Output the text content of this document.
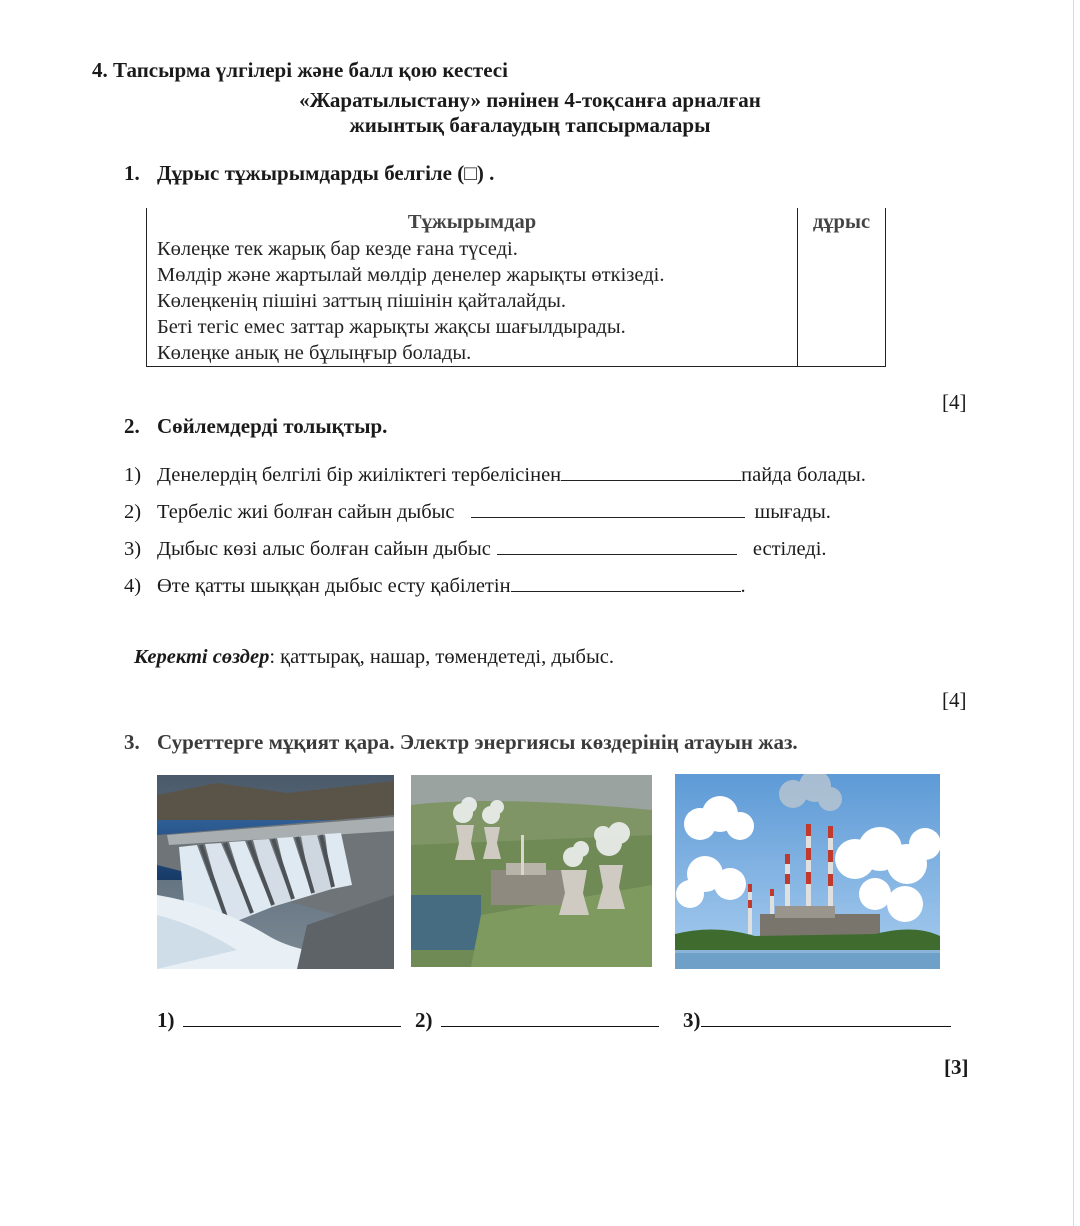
4. Тапсырма үлгілері және балл қою кестесі
«Жаратылыстану» пәнінен 4-тоқсанға арналған
жиынтық бағалаудың тапсырмалары
1. Дұрыс тұжырымдарды белгіле (□) .
Тұжырымдар	дұрыс
Көлеңке тек жарық бар кезде ғана түседі.	
Мөлдір және жартылай мөлдір денелер жарықты өткізеді.	
Көлеңкенің пішіні заттың пішінін қайталайды.	
Беті тегіс емес заттар жарықты жақсы шағылдырады.	
Көлеңке анық не бұлыңғыр болады.	
[4]
2. Сөйлемдерді толықтыр.
1) Денелердің белгілі бір жиіліктегі тербелісінен	пайда болады.
2) Тербеліс жиі болған сайын дыбыс	шығады.
3) Дыбыс көзі алыс болған сайын дыбыс	естіледі.
4) Өте қатты шыққан дыбыс есту қабілетін	.
Керекті сөздер: қаттырақ, нашар, төмендетеді, дыбыс.
[4]
3. Суреттерге мұқият қара. Электр энергиясы көздерінің атауын жаз.
1)	2)	3)
[3]
